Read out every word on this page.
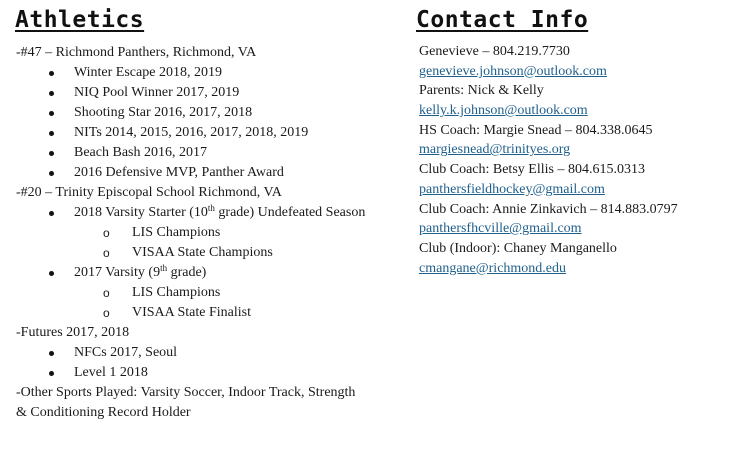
Athletics	Contact Info
-#47 – Richmond Panthers, Richmond, VA
Winter Escape 2018, 2019
NIQ Pool Winner 2017, 2019
Shooting Star 2016, 2017, 2018
NITs 2014, 2015, 2016, 2017, 2018, 2019
Beach Bash 2016, 2017
2016 Defensive MVP, Panther Award
-#20 – Trinity Episcopal School Richmond, VA
2018 Varsity Starter (10th grade) Undefeated Season
o LIS Champions
o VISAA State Champions
2017 Varsity (9th grade)
o LIS Champions
o VISAA State Finalist
-Futures 2017, 2018
NFCs 2017, Seoul
Level 1 2018
-Other Sports Played: Varsity Soccer, Indoor Track, Strength
& Conditioning Record Holder
Genevieve – 804.219.7730
genevieve.johnson@outlook.com
Parents: Nick & Kelly
kelly.k.johnson@outlook.com
HS Coach: Margie Snead – 804.338.0645
margiesnead@trinityes.org
Club Coach: Betsy Ellis – 804.615.0313
panthersfieldhockey@gmail.com
Club Coach: Annie Zinkavich – 814.883.0797
panthersfhcville@gmail.com
Club (Indoor): Chaney Manganello
cmangane@richmond.edu
